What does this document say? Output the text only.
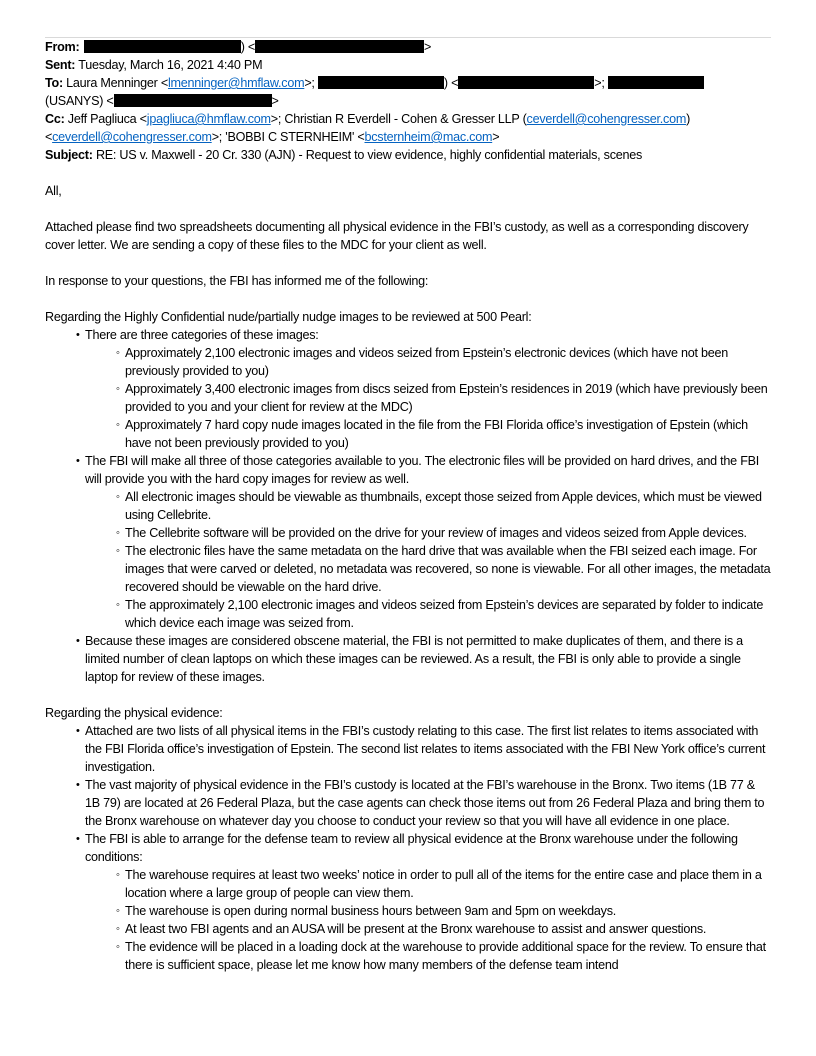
From:	) <	>
Sent: Tuesday, March 16, 2021 4:40 PM
To: Laura Menninger <lmenninger@hmflaw.com>;	) <	>;
(USANYS) <	>
Cc: Jeff Pagliuca <jpagliuca@hmflaw.com>; Christian R Everdell - Cohen & Gresser LLP (ceverdell@cohengresser.com)
<ceverdell@cohengresser.com>; 'BOBBI C STERNHEIM' <bcsternheim@mac.com>
Subject: RE: US v. Maxwell - 20 Cr. 330 (AJN) - Request to view evidence, highly confidential materials, scenes

All,

Attached please find two spreadsheets documenting all physical evidence in the FBI’s custody, as well as a corresponding discovery cover letter. We are sending a copy of these files to the MDC for your client as well.

In response to your questions, the FBI has informed me of the following:

Regarding the Highly Confidential nude/partially nudge images to be reviewed at 500 Pearl:

• There are three categories of these images:
◦ Approximately 2,100 electronic images and videos seized from Epstein’s electronic devices (which have not been previously provided to you)
◦ Approximately 3,400 electronic images from discs seized from Epstein’s residences in 2019 (which have previously been provided to you and your client for review at the MDC)
◦ Approximately 7 hard copy nude images located in the file from the FBI Florida office’s investigation of Epstein (which have not been previously provided to you)
• The FBI will make all three of those categories available to you. The electronic files will be provided on hard drives, and the FBI will provide you with the hard copy images for review as well.
◦ All electronic images should be viewable as thumbnails, except those seized from Apple devices, which must be viewed using Cellebrite.
◦ The Cellebrite software will be provided on the drive for your review of images and videos seized from Apple devices.
◦ The electronic files have the same metadata on the hard drive that was available when the FBI seized each image. For images that were carved or deleted, no metadata was recovered, so none is viewable. For all other images, the metadata recovered should be viewable on the hard drive.
◦ The approximately 2,100 electronic images and videos seized from Epstein’s devices are separated by folder to indicate which device each image was seized from.
• Because these images are considered obscene material, the FBI is not permitted to make duplicates of them, and there is a limited number of clean laptops on which these images can be reviewed. As a result, the FBI is only able to provide a single laptop for review of these images.

Regarding the physical evidence:

• Attached are two lists of all physical items in the FBI’s custody relating to this case. The first list relates to items associated with the FBI Florida office’s investigation of Epstein. The second list relates to items associated with the FBI New York office’s current investigation.
• The vast majority of physical evidence in the FBI’s custody is located at the FBI’s warehouse in the Bronx. Two items (1B 77 & 1B 79) are located at 26 Federal Plaza, but the case agents can check those items out from 26 Federal Plaza and bring them to the Bronx warehouse on whatever day you choose to conduct your review so that you will have all evidence in one place.
• The FBI is able to arrange for the defense team to review all physical evidence at the Bronx warehouse under the following conditions:
◦ The warehouse requires at least two weeks’ notice in order to pull all of the items for the entire case and place them in a location where a large group of people can view them.
◦ The warehouse is open during normal business hours between 9am and 5pm on weekdays.
◦ At least two FBI agents and an AUSA will be present at the Bronx warehouse to assist and answer questions.
◦ The evidence will be placed in a loading dock at the warehouse to provide additional space for the review. To ensure that there is sufficient space, please let me know how many members of the defense team intend
